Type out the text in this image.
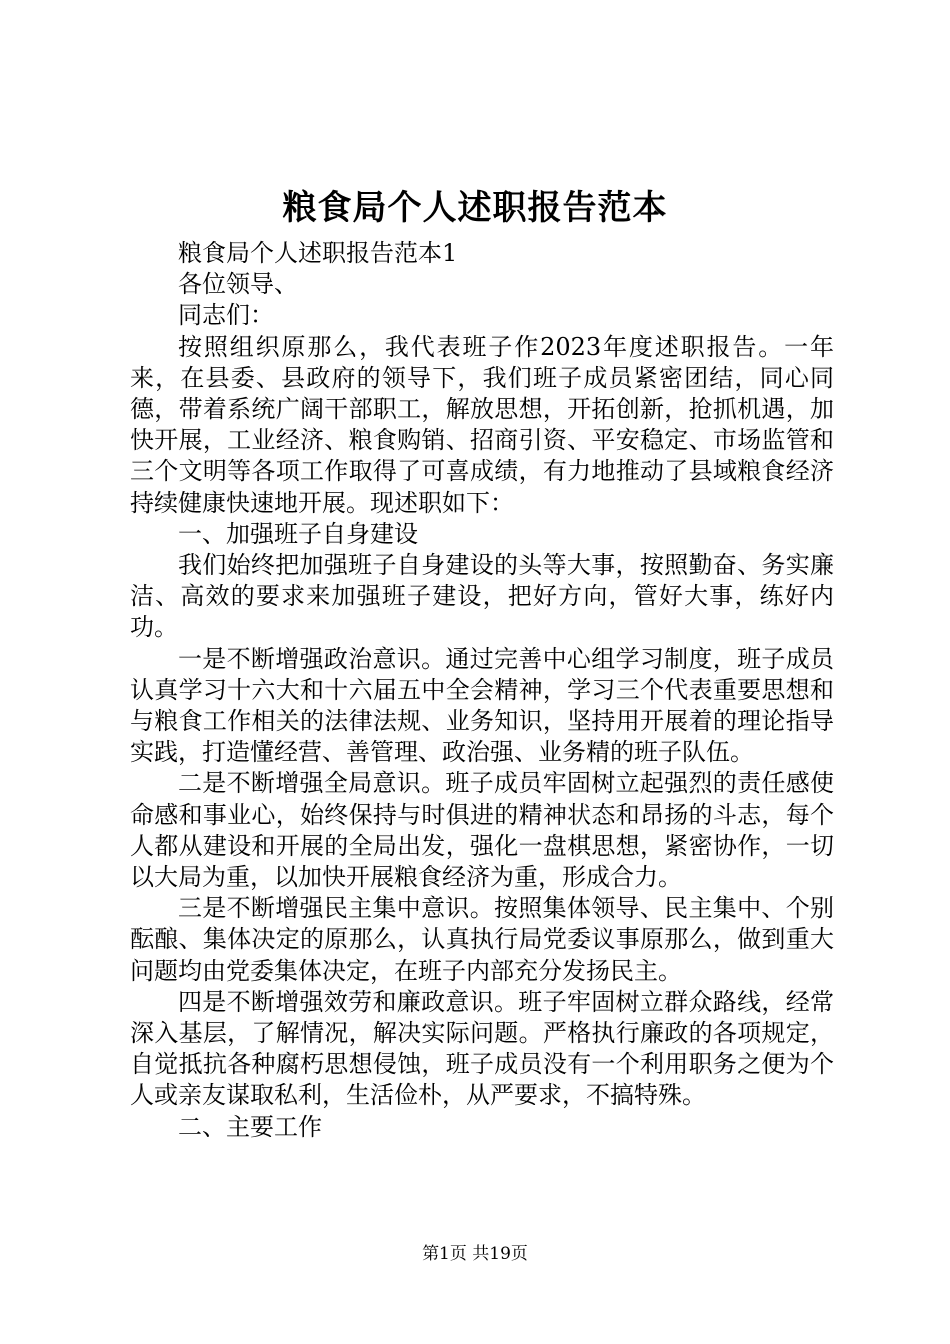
粮食局个人述职报告范本

粮食局个人述职报告范本1

各位领导、

同志们：

按照组织原那么，我代表班子作2023年度述职报告。一年来，在县委、县政府的领导下，我们班子成员紧密团结，同心同德，带着系统广阔干部职工，解放思想，开拓创新，抢抓机遇，加快开展，工业经济、粮食购销、招商引资、平安稳定、市场监管和三个文明等各项工作取得了可喜成绩，有力地推动了县域粮食经济持续健康快速地开展。现述职如下：

一、加强班子自身建设

我们始终把加强班子自身建设的头等大事，按照勤奋、务实廉洁、高效的要求来加强班子建设，把好方向，管好大事，练好内功。

一是不断增强政治意识。通过完善中心组学习制度，班子成员认真学习十六大和十六届五中全会精神，学习三个代表重要思想和与粮食工作相关的法律法规、业务知识，坚持用开展着的理论指导实践，打造懂经营、善管理、政治强、业务精的班子队伍。

二是不断增强全局意识。班子成员牢固树立起强烈的责任感使命感和事业心，始终保持与时俱进的精神状态和昂扬的斗志，每个人都从建设和开展的全局出发，强化一盘棋思想，紧密协作，一切以大局为重，以加快开展粮食经济为重，形成合力。

三是不断增强民主集中意识。按照集体领导、民主集中、个别酝酿、集体决定的原那么，认真执行局党委议事原那么，做到重大问题均由党委集体决定，在班子内部充分发扬民主。

四是不断增强效劳和廉政意识。班子牢固树立群众路线，经常深入基层，了解情况，解决实际问题。严格执行廉政的各项规定，自觉抵抗各种腐朽思想侵蚀，班子成员没有一个利用职务之便为个人或亲友谋取私利，生活俭朴，从严要求，不搞特殊。

二、主要工作

第1页 共19页
